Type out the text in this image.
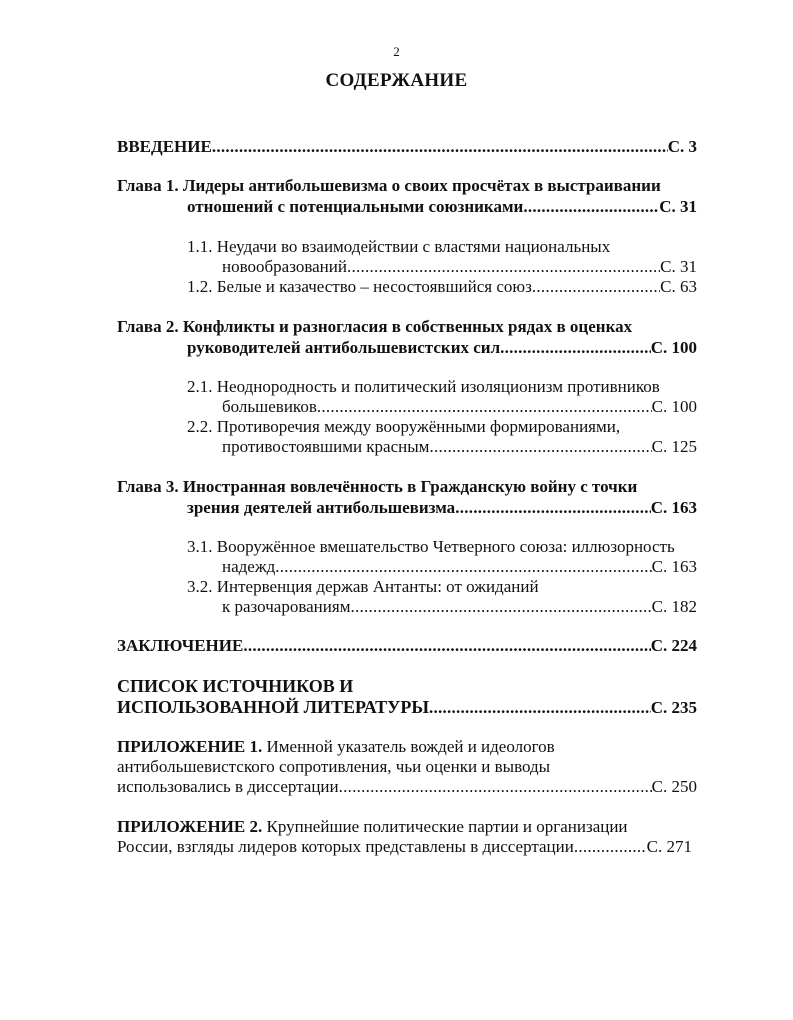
2
СОДЕРЖАНИЕ
ВВЕДЕНИЕ . . .	С. 3
Глава 1. Лидеры антибольшевизма о своих просчётах в выстраивании
отношений с потенциальными союзниками . . .	С. 31
1.1. Неудачи во взаимодействии с властями национальных
новообразований . . .	С. 31
1.2. Белые и казачество – несостоявшийся союз . . .	С. 63
Глава 2. Конфликты и разногласия в собственных рядах в оценках
руководителей антибольшевистских сил . . .	С. 100
2.1. Неоднородность и политический изоляционизм противников
большевиков . . .	С. 100
2.2. Противоречия между вооружёнными формированиями,
противостоявшими красным . . .	С. 125
Глава 3. Иностранная вовлечённость в Гражданскую войну с точки
зрения деятелей антибольшевизма . . .	С. 163
3.1. Вооружённое вмешательство Четверного союза: иллюзорность
надежд . . .	С. 163
3.2. Интервенция держав Антанты: от ожиданий
к разочарованиям . . .	С. 182
ЗАКЛЮЧЕНИЕ . . .	С. 224
СПИСОК ИСТОЧНИКОВ И
ИСПОЛЬЗОВАННОЙ ЛИТЕРАТУРЫ . . .	С. 235
ПРИЛОЖЕНИЕ 1. Именной указатель вождей и идеологов
антибольшевистского сопротивления, чьи оценки и выводы
использовались в диссертации . . .	С. 250
ПРИЛОЖЕНИЕ 2. Крупнейшие политические партии и организации
России, взгляды лидеров которых представлены в диссертации . . .	С. 271
